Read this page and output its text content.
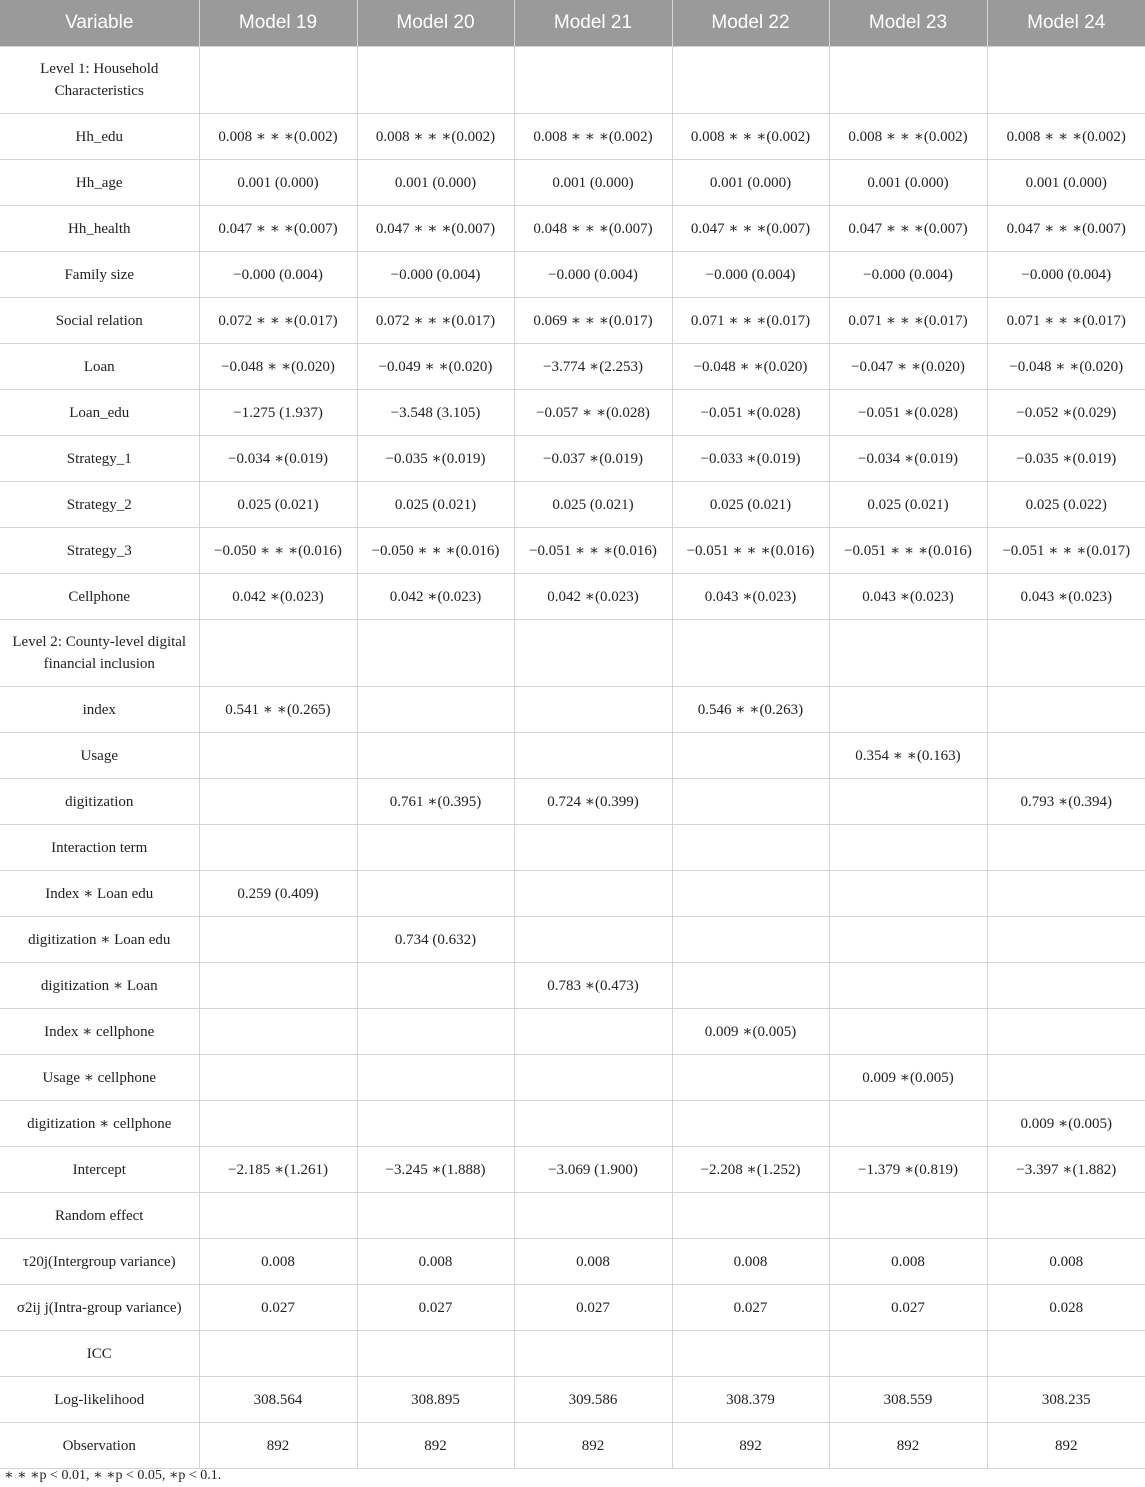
Variable	Model 19	Model 20	Model 21	Model 22	Model 23	Model 24
Level 1: Household Characteristics						
Hh_edu	0.008 ∗ ∗ ∗(0.002)	0.008 ∗ ∗ ∗(0.002)	0.008 ∗ ∗ ∗(0.002)	0.008 ∗ ∗ ∗(0.002)	0.008 ∗ ∗ ∗(0.002)	0.008 ∗ ∗ ∗(0.002)
Hh_age	0.001 (0.000)	0.001 (0.000)	0.001 (0.000)	0.001 (0.000)	0.001 (0.000)	0.001 (0.000)
Hh_health	0.047 ∗ ∗ ∗(0.007)	0.047 ∗ ∗ ∗(0.007)	0.048 ∗ ∗ ∗(0.007)	0.047 ∗ ∗ ∗(0.007)	0.047 ∗ ∗ ∗(0.007)	0.047 ∗ ∗ ∗(0.007)
Family size	−0.000 (0.004)	−0.000 (0.004)	−0.000 (0.004)	−0.000 (0.004)	−0.000 (0.004)	−0.000 (0.004)
Social relation	0.072 ∗ ∗ ∗(0.017)	0.072 ∗ ∗ ∗(0.017)	0.069 ∗ ∗ ∗(0.017)	0.071 ∗ ∗ ∗(0.017)	0.071 ∗ ∗ ∗(0.017)	0.071 ∗ ∗ ∗(0.017)
Loan	−0.048 ∗ ∗(0.020)	−0.049 ∗ ∗(0.020)	−3.774 ∗(2.253)	−0.048 ∗ ∗(0.020)	−0.047 ∗ ∗(0.020)	−0.048 ∗ ∗(0.020)
Loan_edu	−1.275 (1.937)	−3.548 (3.105)	−0.057 ∗ ∗(0.028)	−0.051 ∗(0.028)	−0.051 ∗(0.028)	−0.052 ∗(0.029)
Strategy_1	−0.034 ∗(0.019)	−0.035 ∗(0.019)	−0.037 ∗(0.019)	−0.033 ∗(0.019)	−0.034 ∗(0.019)	−0.035 ∗(0.019)
Strategy_2	0.025 (0.021)	0.025 (0.021)	0.025 (0.021)	0.025 (0.021)	0.025 (0.021)	0.025 (0.022)
Strategy_3	−0.050 ∗ ∗ ∗(0.016)	−0.050 ∗ ∗ ∗(0.016)	−0.051 ∗ ∗ ∗(0.016)	−0.051 ∗ ∗ ∗(0.016)	−0.051 ∗ ∗ ∗(0.016)	−0.051 ∗ ∗ ∗(0.017)
Cellphone	0.042 ∗(0.023)	0.042 ∗(0.023)	0.042 ∗(0.023)	0.043 ∗(0.023)	0.043 ∗(0.023)	0.043 ∗(0.023)
Level 2: County-level digital financial inclusion						
index	0.541 ∗ ∗(0.265)			0.546 ∗ ∗(0.263)		
Usage					0.354 ∗ ∗(0.163)	
digitization		0.761 ∗(0.395)	0.724 ∗(0.399)			0.793 ∗(0.394)
Interaction term						
Index ∗ Loan edu	0.259 (0.409)					
digitization ∗ Loan edu		0.734 (0.632)				
digitization ∗ Loan			0.783 ∗(0.473)			
Index ∗ cellphone				0.009 ∗(0.005)		
Usage ∗ cellphone					0.009 ∗(0.005)	
digitization ∗ cellphone						0.009 ∗(0.005)
Intercept	−2.185 ∗(1.261)	−3.245 ∗(1.888)	−3.069 (1.900)	−2.208 ∗(1.252)	−1.379 ∗(0.819)	−3.397 ∗(1.882)
Random effect						
τ20j(Intergroup variance)	0.008	0.008	0.008	0.008	0.008	0.008
σ2ij j(Intra-group variance)	0.027	0.027	0.027	0.027	0.027	0.028
ICC						
Log-likelihood	308.564	308.895	309.586	308.379	308.559	308.235
Observation	892	892	892	892	892	892
∗ ∗ ∗p < 0.01, ∗ ∗p < 0.05, ∗p < 0.1.
